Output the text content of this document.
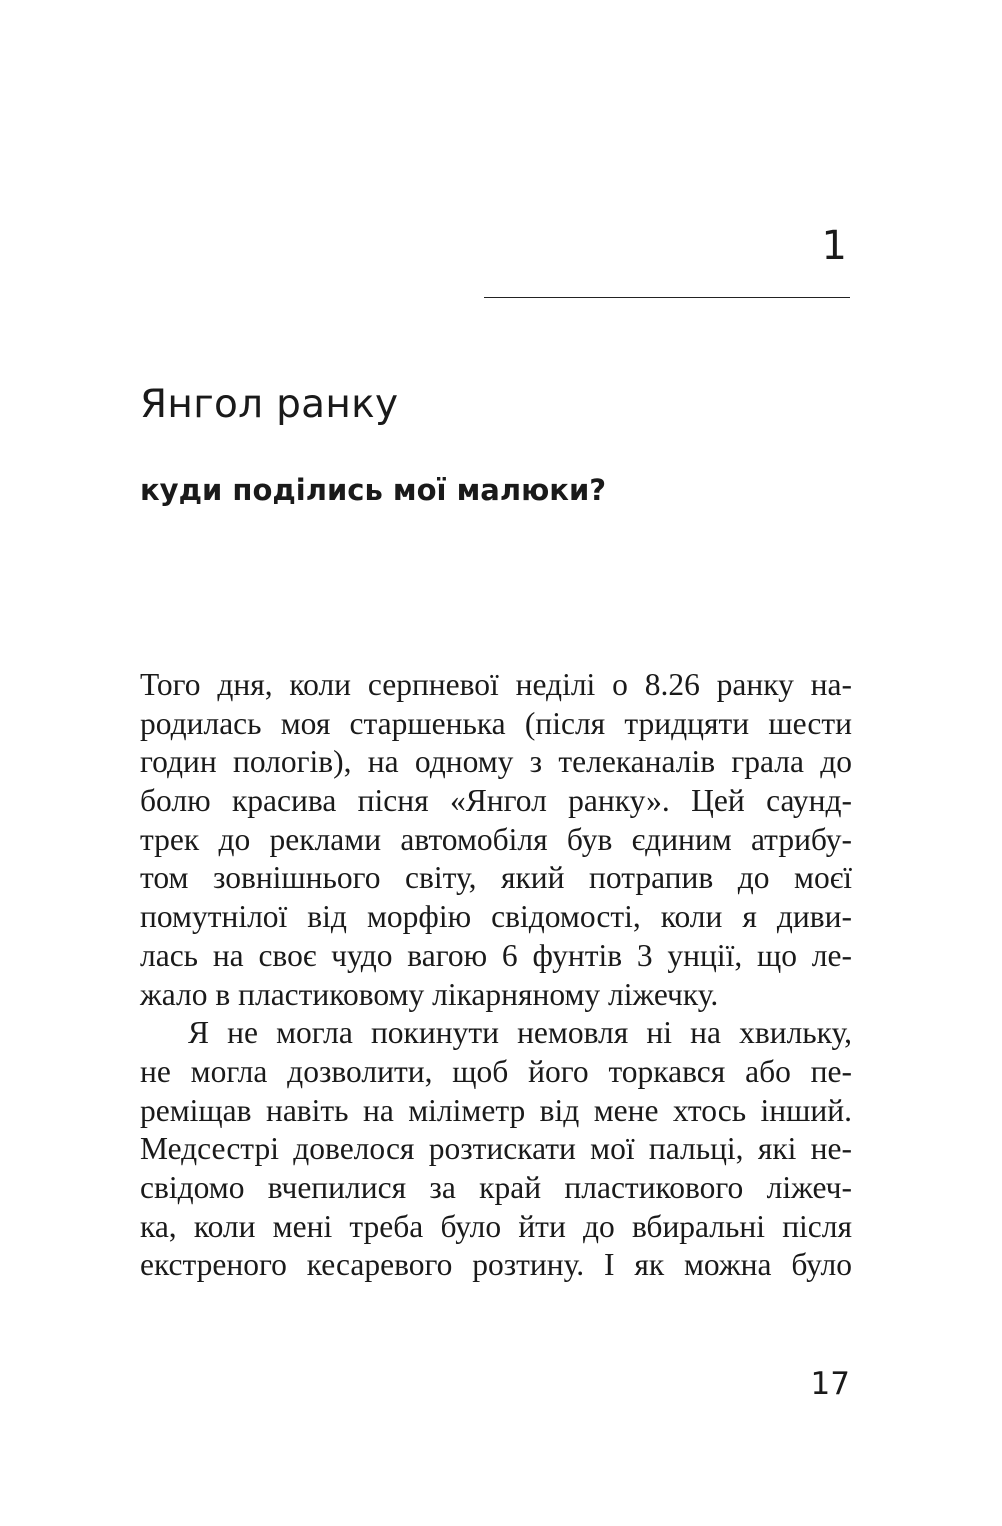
1
Янгол ранку
куди поділись мої малюки?
Того дня, коли серпневої неділі о 8.26 ранку на-
родилась моя старшенька (після тридцяти шести
годин пологів), на одному з телеканалів грала до
болю красива пісня «Янгол ранку». Цей саунд-
трек до реклами автомобіля був єдиним атрибу-
том зовнішнього світу, який потрапив до моєї
помутнілої від морфію свідомості, коли я диви-
лась на своє чудо вагою 6 фунтів 3 унції, що ле-
жало в пластиковому лікарняному ліжечку.
Я не могла покинути немовля ні на хвильку,
не могла дозволити, щоб його торкався або пе-
реміщав навіть на міліметр від мене хтось інший.
Медсестрі довелося розтискати мої пальці, які не-
свідомо вчепилися за край пластикового ліжеч-
ка, коли мені треба було йти до вбиральні після
екстреного кесаревого розтину. І як можна було
17
